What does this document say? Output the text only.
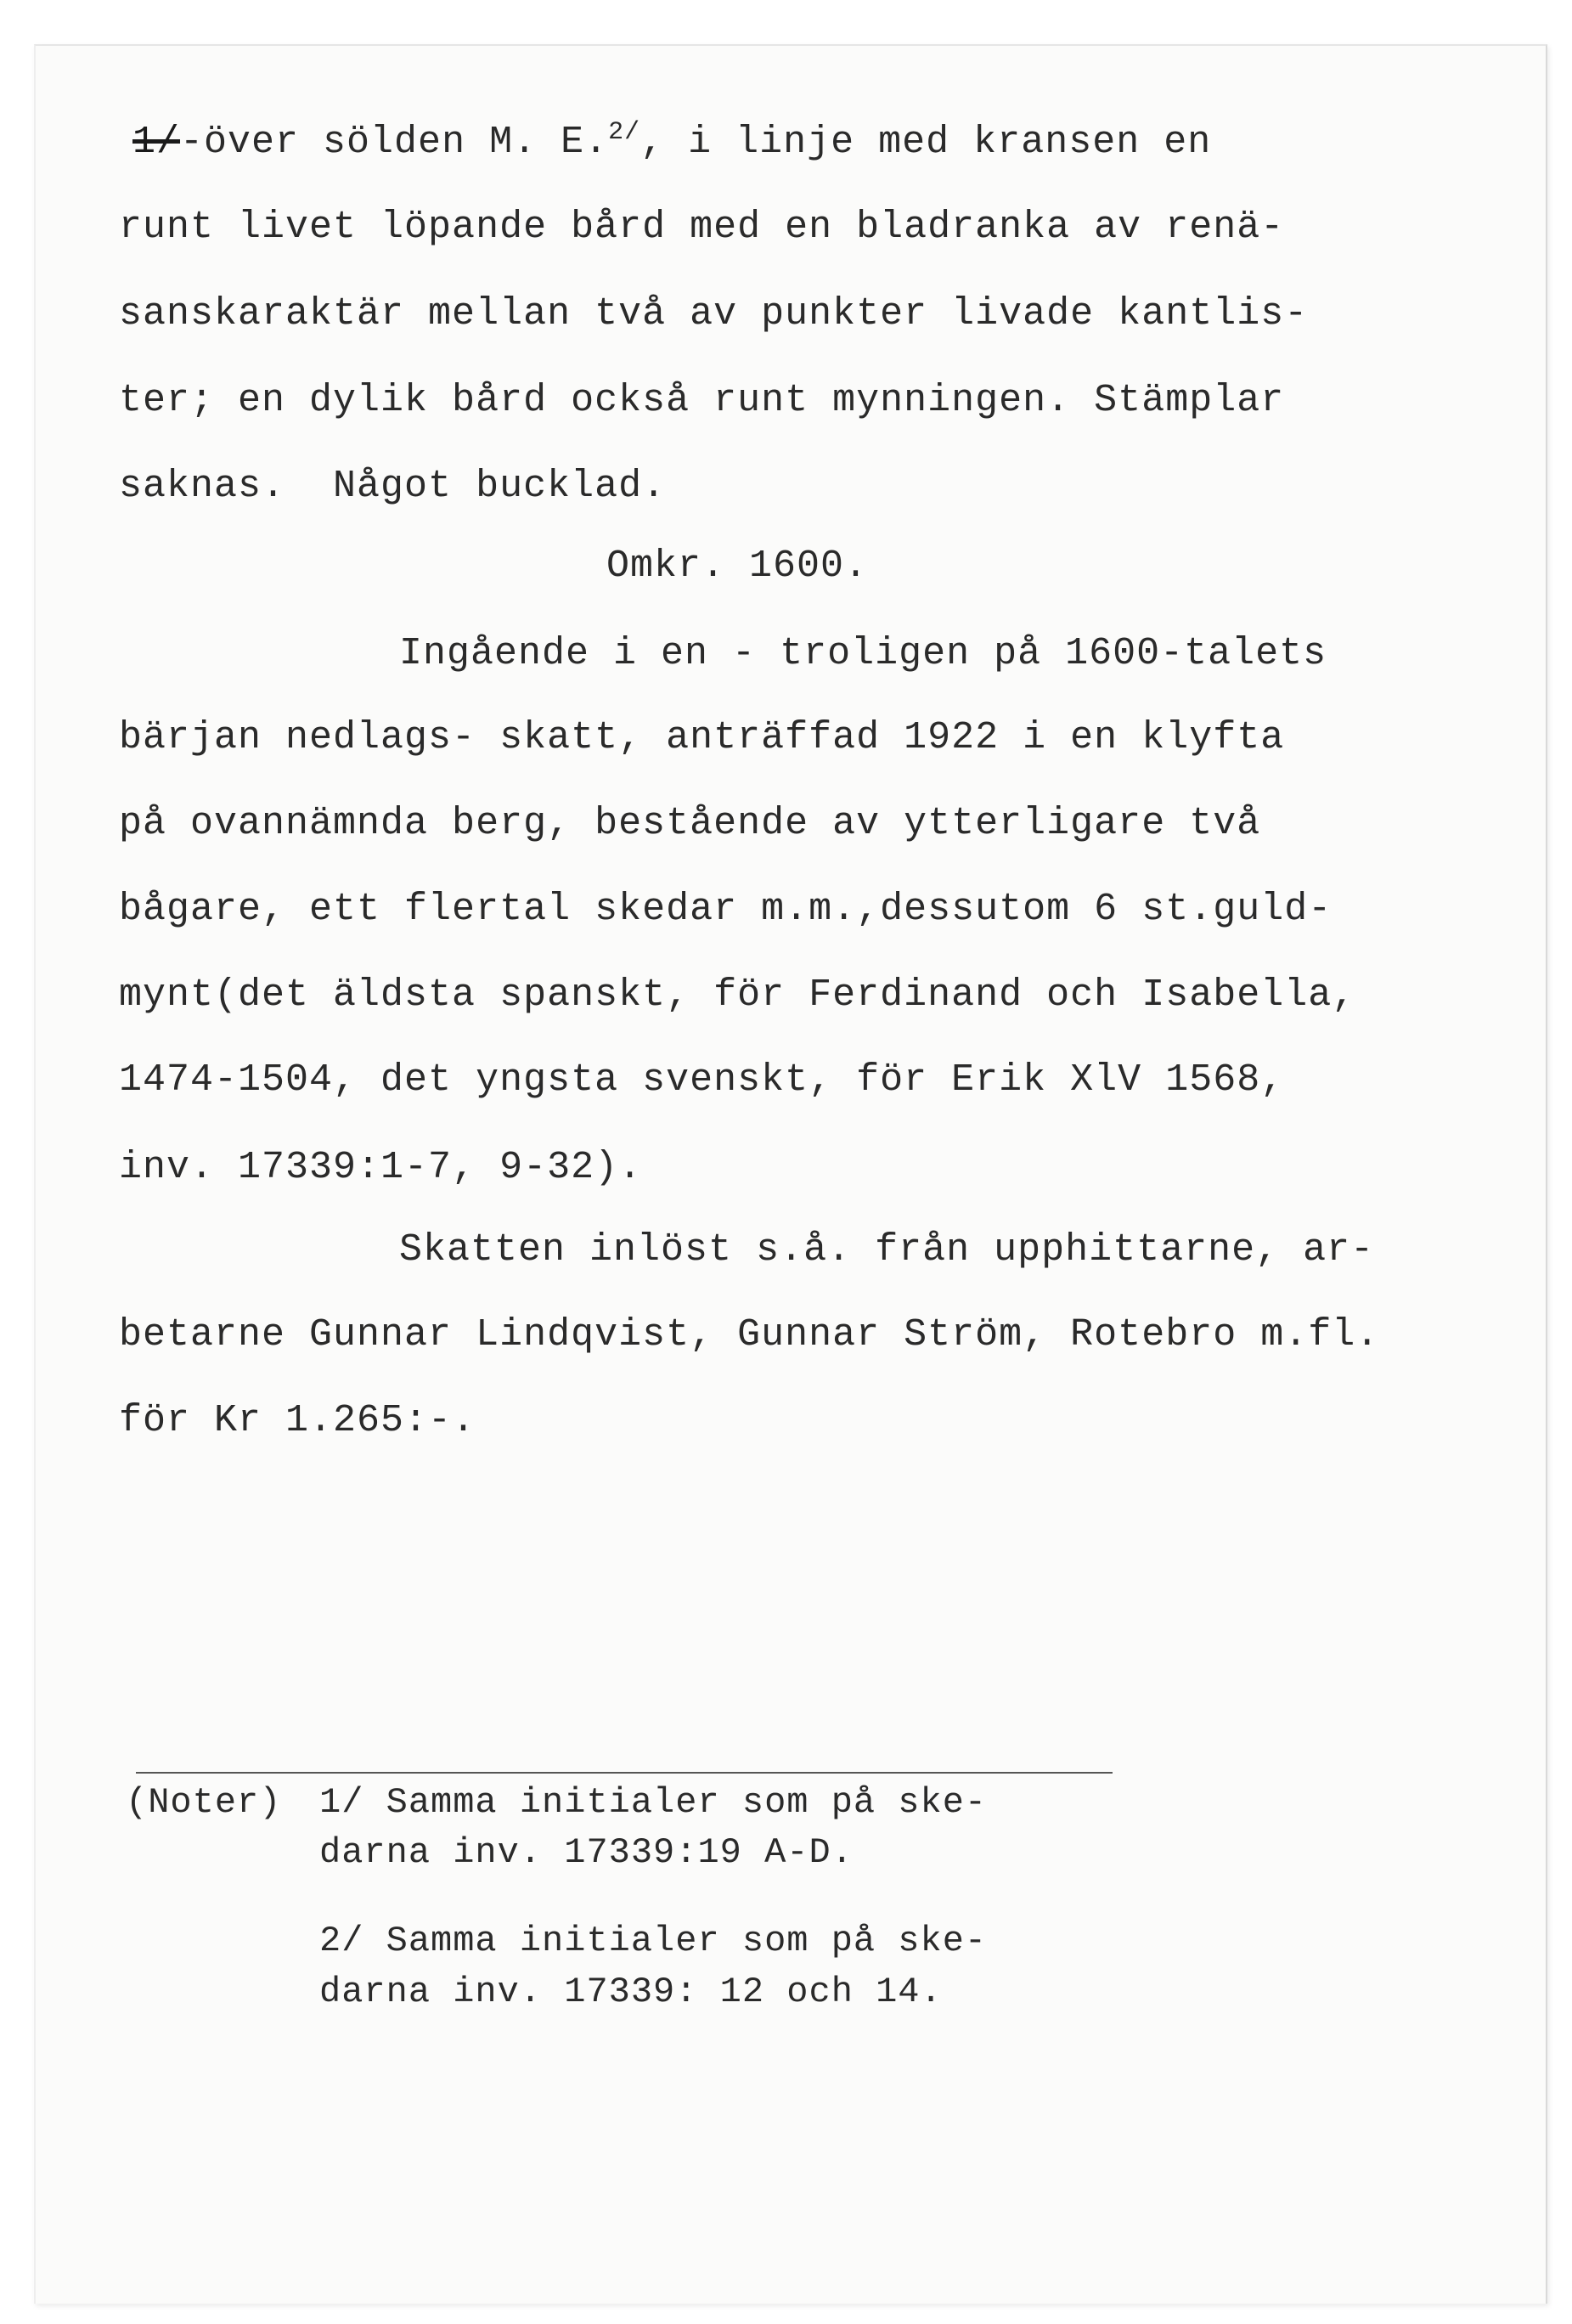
1/-över sölden M. E.$^{2/}$, i linje med kransen en
runt livet löpande bård med en bladranka av renä-
sanskaraktär mellan två av punkter livade kantlis-
ter; en dylik bård också runt mynningen. Stämplar
saknas.  Något bucklad.
Omkr. 1600.
Ingående i en - troligen på 1600-talets
bärjan nedlags- skatt, anträffad 1922 i en klyfta
på ovannämnda berg, bestående av ytterligare två
bågare, ett flertal skedar m.m.,dessutom 6 st.guld-
mynt(det äldsta spanskt, för Ferdinand och Isabella,
1474-1504, det yngsta svenskt, för Erik XlV 1568,
inv. 17339:1-7, 9-32).
Skatten inlöst s.å. från upphittarne, ar-
betarne Gunnar Lindqvist, Gunnar Ström, Rotebro m.fl.
för Kr 1.265:-.
(Noter) 1/ Samma initialer som på ske-
darna inv. 17339:19 A-D.
2/ Samma initialer som på ske-
darna inv. 17339: 12 och 14.
